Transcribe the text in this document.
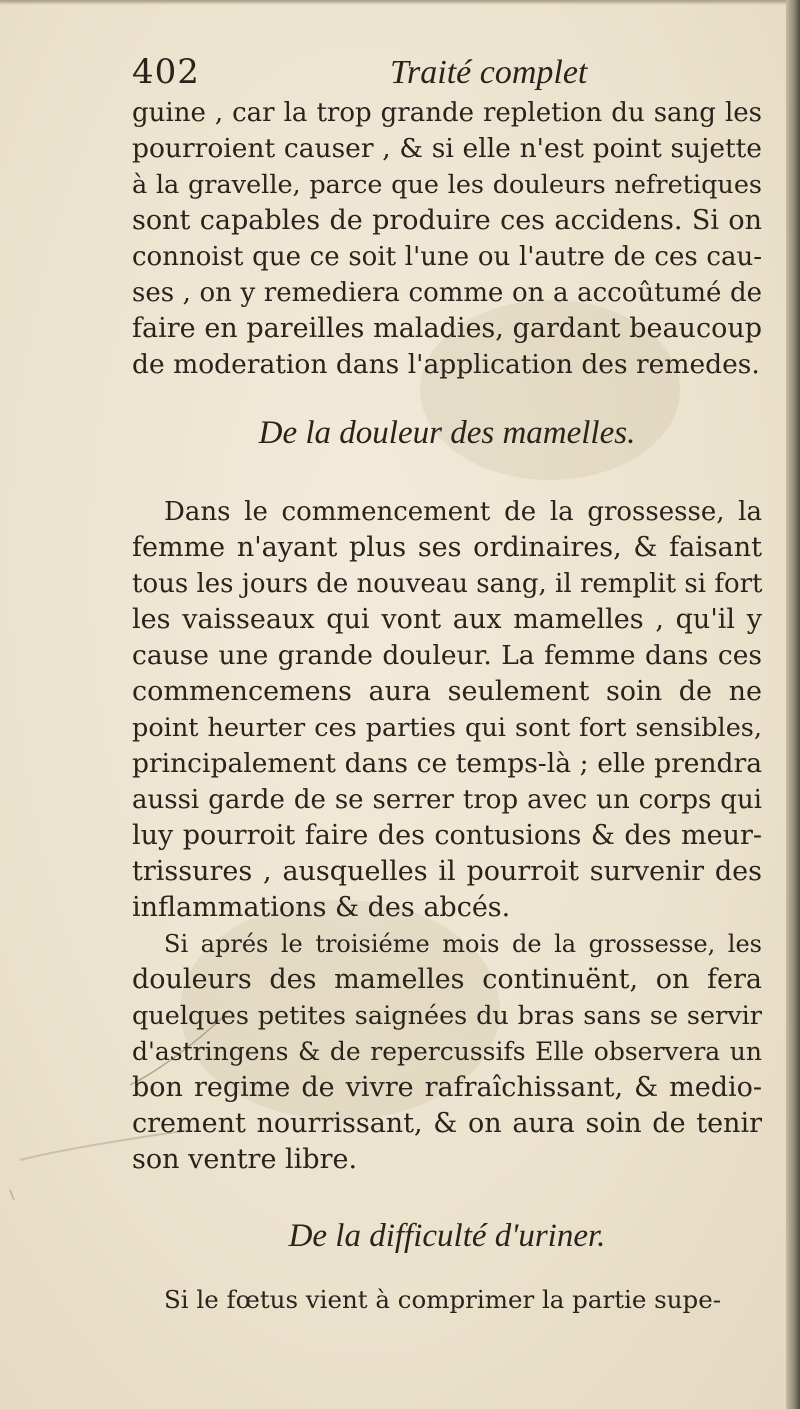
402	Traité complet
guine , car la trop grande repletion du sang les
pourroient causer , & si elle n'est point sujette
à la gravelle, parce que les douleurs nefretiques
sont capables de produire ces accidens. Si on
connoist que ce soit l'une ou l'autre de ces cau-
ses , on y remediera comme on a accoûtumé de
faire en pareilles maladies, gardant beaucoup
de moderation dans l'application des remedes.
De la douleur des mamelles.
Dans le commencement de la grossesse, la
femme n'ayant plus ses ordinaires, & faisant
tous les jours de nouveau sang, il remplit si fort
les vaisseaux qui vont aux mamelles , qu'il y
cause une grande douleur. La femme dans ces
commencemens aura seulement soin de ne
point heurter ces parties qui sont fort sensibles,
principalement dans ce temps-là ; elle prendra
aussi garde de se serrer trop avec un corps qui
luy pourroit faire des contusions & des meur-
trissures , ausquelles il pourroit survenir des
inflammations & des abcés.
Si aprés le troisiéme mois de la grossesse, les
douleurs des mamelles continuënt, on fera
quelques petites saignées du bras sans se servir
d'astringens & de repercussifs Elle observera un
bon regime de vivre rafraîchissant, & medio-
crement nourrissant, & on aura soin de tenir
son ventre libre.
De la difficulté d'uriner.
Si le fœtus vient à comprimer la partie supe-
